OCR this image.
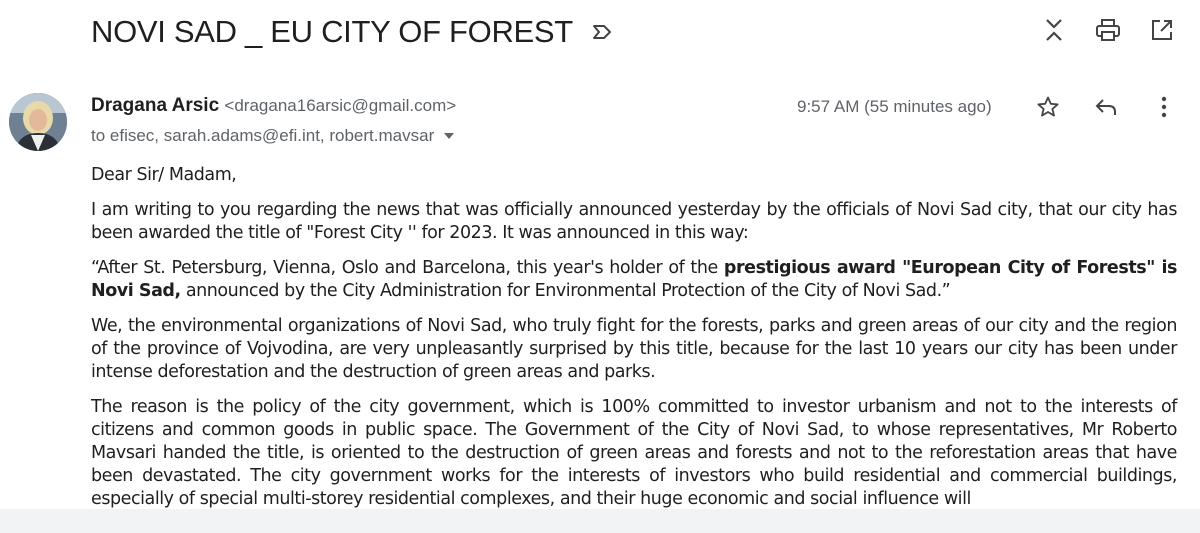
NOVI SAD _ EU CITY OF FOREST
Dragana Arsic <dragana16arsic@gmail.com>
to efisec, sarah.adams@efi.int, robert.mavsar
9:57 AM (55 minutes ago)

Dear Sir/ Madam,

I am writing to you regarding the news that was officially announced yesterday by the officials of Novi Sad city, that our city has been awarded the title of "Forest City '' for 2023. It was announced in this way:

“After St. Petersburg, Vienna, Oslo and Barcelona, this year's holder of the prestigious award "European City of Forests" is Novi Sad, announced by the City Administration for Environmental Protection of the City of Novi Sad.”

We, the environmental organizations of Novi Sad, who truly fight for the forests, parks and green areas of our city and the region of the province of Vojvodina, are very unpleasantly surprised by this title, because for the last 10 years our city has been under intense deforestation and the destruction of green areas and parks.

The reason is the policy of the city government, which is 100% committed to investor urbanism and not to the interests of citizens and common goods in public space. The Government of the City of Novi Sad, to whose representatives, Mr Roberto Mavsari handed the title, is oriented to the destruction of green areas and forests and not to the reforestation areas that have been devastated. The city government works for the interests of investors who build residential and commercial buildings, especially of special multi-storey residential complexes, and their huge economic and social influence will
